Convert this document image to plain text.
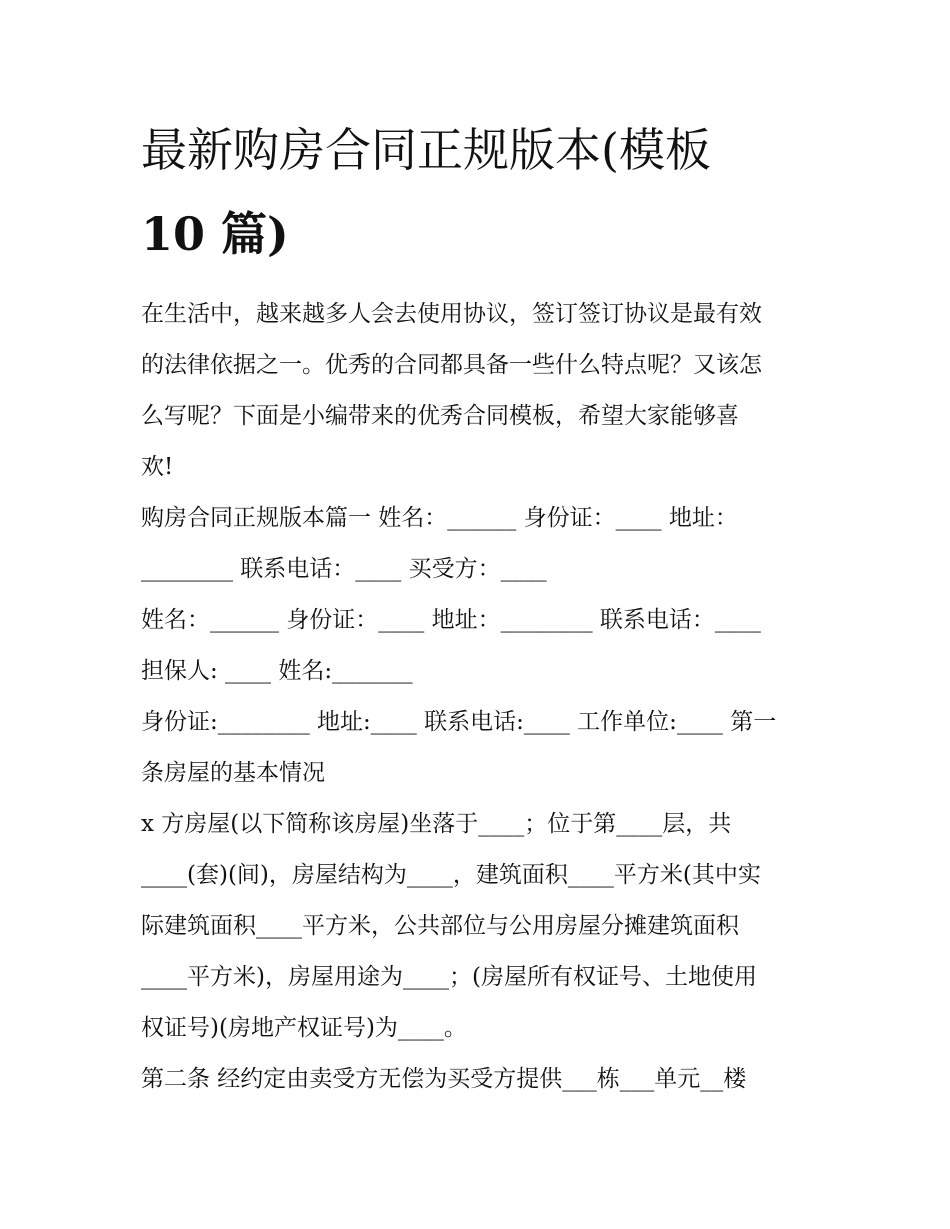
最新购房合同正规版本(模板
10 篇)

在生活中，越来越多人会去使用协议，签订签订协议是最有效

的法律依据之一。优秀的合同都具备一些什么特点呢？又该怎

么写呢？下面是小编带来的优秀合同模板，希望大家能够喜

欢!

购房合同正规版本篇一 姓名：______ 身份证：____ 地址：

________ 联系电话：____ 买受方：____

姓名：______ 身份证：____ 地址：________ 联系电话：____

担保人: ____ 姓名:_______

身份证:________ 地址:____ 联系电话:____ 工作单位:____ 第一

条房屋的基本情况

x 方房屋(以下简称该房屋)坐落于____；位于第____层，共

____(套)(间)，房屋结构为____，建筑面积____平方米(其中实

际建筑面积____平方米，公共部位与公用房屋分摊建筑面积

____平方米)，房屋用途为____；(房屋所有权证号、土地使用

权证号)(房地产权证号)为____。

第二条 经约定由卖受方无偿为买受方提供___栋___单元__楼
